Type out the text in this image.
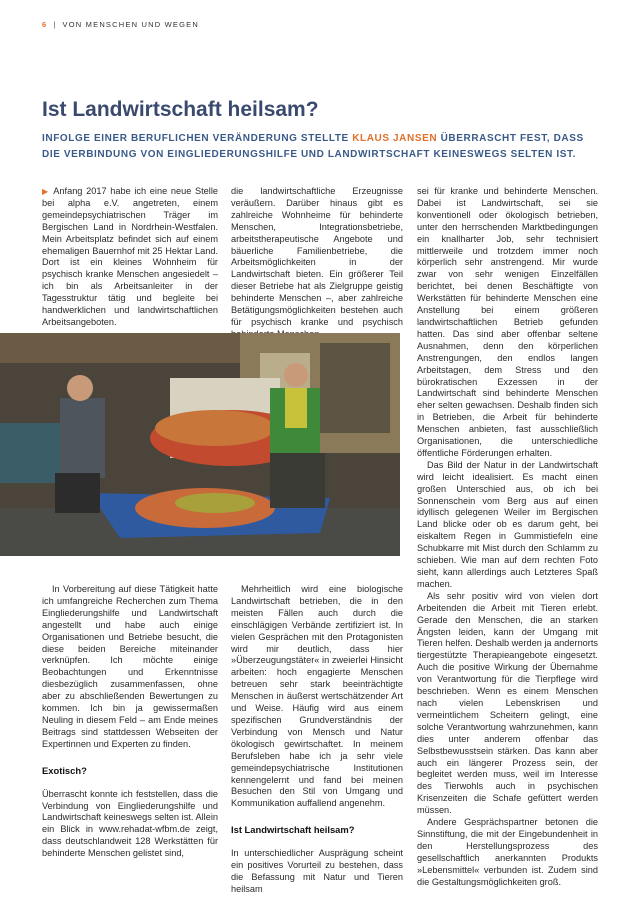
6 | VON MENSCHEN UND WEGEN
Ist Landwirtschaft heilsam?
INFOLGE EINER BERUFLICHEN VERÄNDERUNG STELLTE KLAUS JANSEN ÜBERRASCHT FEST, DASS DIE VERBINDUNG VON EINGLIEDERUNGSHILFE UND LANDWIRTSCHAFT KEINESWEGS SELTEN IST.

▶ Anfang 2017 habe ich eine neue Stelle bei alpha e.V. angetreten, einem gemeindepsychiatrischen Träger im Bergischen Land in Nordrhein-Westfalen. Mein Arbeitsplatz befindet sich auf einem ehemaligen Bauernhof mit 25 Hektar Land. Dort ist ein kleines Wohnheim für psychisch kranke Menschen angesiedelt – ich bin als Arbeitsanleiter in der Tagesstruktur tätig und begleite bei handwerklichen und landwirtschaftlichen Arbeitsangeboten.

die landwirtschaftliche Erzeugnisse veräußern. Darüber hinaus gibt es zahlreiche Wohnheime für behinderte Menschen, Integrationsbetriebe, arbeitstherapeutische Angebote und bäuerliche Familienbetriebe, die Arbeitsmöglichkeiten in der Landwirtschaft bieten. Ein größerer Teil dieser Betriebe hat als Zielgruppe geistig behinderte Menschen –, aber zahlreiche Betätigungsmöglichkeiten bestehen auch für psychisch kranke und psychisch

sei für kranke und behinderte Menschen. Dabei ist Landwirtschaft, sei sie konventionell oder ökologisch betrieben, unter den herrschenden Marktbedingungen ein knallharter Job, sehr technisiert mittlerweile und trotzdem immer noch körperlich sehr anstrengend. Mir wurde zwar von sehr wenigen Einzelfällen berichtet, bei denen Beschäftigte von Werkstätten für behinderte Menschen eine Anstellung bei einem größeren landwirtschaftlichen Betrieb gefunden hatten. Das sind aber offenbar seltene Ausnahmen, denn den körperlichen Anstrengungen, den endlos langen Arbeitstagen, dem Stress und den bürokratischen Exzessen in der Landwirtschaft sind behinderte Menschen eher selten gewachsen. Deshalb finden sich in Betrieben, die Arbeit für behinderte Menschen anbieten, fast ausschließlich Organisationen, die unterschiedliche öffentliche Förderungen erhalten.

Das Bild der Natur in der Landwirtschaft wird leicht idealisiert. Es macht einen großen Unterschied aus, ob ich bei Sonnenschein vom Berg aus auf einen idyllisch gelegenen Weiler im Bergischen Land blicke oder ob es darum geht, bei eiskaltem Regen in Gummistiefeln eine Schubkarre mit Mist durch den Schlamm zu schieben. Wie man auf dem rechten Foto sieht, kann allerdings auch Letzteres Spaß machen.

Als sehr positiv wird von vielen dort Arbeitenden die Arbeit mit Tieren erlebt. Gerade den Menschen, die an starken Ängsten leiden, kann der Umgang mit Tieren helfen. Deshalb werden ja andernorts tiergestützte Therapieangebote eingesetzt. Auch die positive Wirkung der Übernahme von Verantwortung für die Tierpflege wird beschrieben. Wenn es einem Menschen nach vielen Lebenskrisen und vermeintlichem Scheitern gelingt, eine solche Verantwortung wahrzunehmen, kann dies unter anderem offenbar das Selbstbewusstsein stärken. Das kann aber auch ein längerer Prozess sein, der begleitet werden muss, weil im Interesse des Tierwohls auch in psychischen Krisenzeiten die Schafe gefüttert werden müssen.

Andere Gesprächspartner betonen die Sinnstiftung, die mit der Eingebundenheit in den Herstellungsprozess des gesellschaftlich anerkannten Produkts »Lebensmittel« verbunden ist. Zudem sind die Gestaltungsmöglichkeiten groß.

In Vorbereitung auf diese Tätigkeit hatte ich umfangreiche Recherchen zum Thema Eingliederungshilfe und Landwirtschaft angestellt und habe auch einige Organisationen und Betriebe besucht, die diese beiden Bereiche miteinander verknüpfen. Ich möchte einige Beobachtungen und Erkenntnisse diesbezüglich zusammenfassen, ohne aber zu abschließenden Bewertungen zu kommen. Ich bin ja gewissermaßen Neuling in diesem Feld – am Ende meines Beitrags sind stattdessen Webseiten der Expertinnen und Experten zu finden.

Exotisch?

Überrascht konnte ich feststellen, dass die Verbindung von Eingliederungshilfe und Landwirtschaft keineswegs selten ist. Allein ein Blick in www.rehadat-wfbm.de zeigt, dass deutschlandweit 128 Werkstätten für behinderte Menschen gelistet sind,

Mehrheitlich wird eine biologische Landwirtschaft betrieben, die in den meisten Fällen auch durch die einschlägigen Verbände zertifiziert ist. In vielen Gesprächen mit den Protagonisten wird mir deutlich, dass hier »Überzeugungstäter« in zweierlei Hinsicht arbeiten: hoch engagierte Menschen betreuen sehr stark beeinträchtigte Menschen in äußerst wertschätzender Art und Weise. Häufig wird aus einem spezifischen Grundverständnis der Verbindung von Mensch und Natur ökologisch gewirtschaftet. In meinem Berufsleben habe ich ja sehr viele gemeindepsychiatrische Institutionen kennengelernt und fand bei meinen Besuchen den Stil von Umgang und Kommunikation auffallend angenehm.

Ist Landwirtschaft heilsam?

In unterschiedlicher Ausprägung scheint ein positives Vorurteil zu bestehen, dass die Befassung mit Natur und Tieren heilsam
